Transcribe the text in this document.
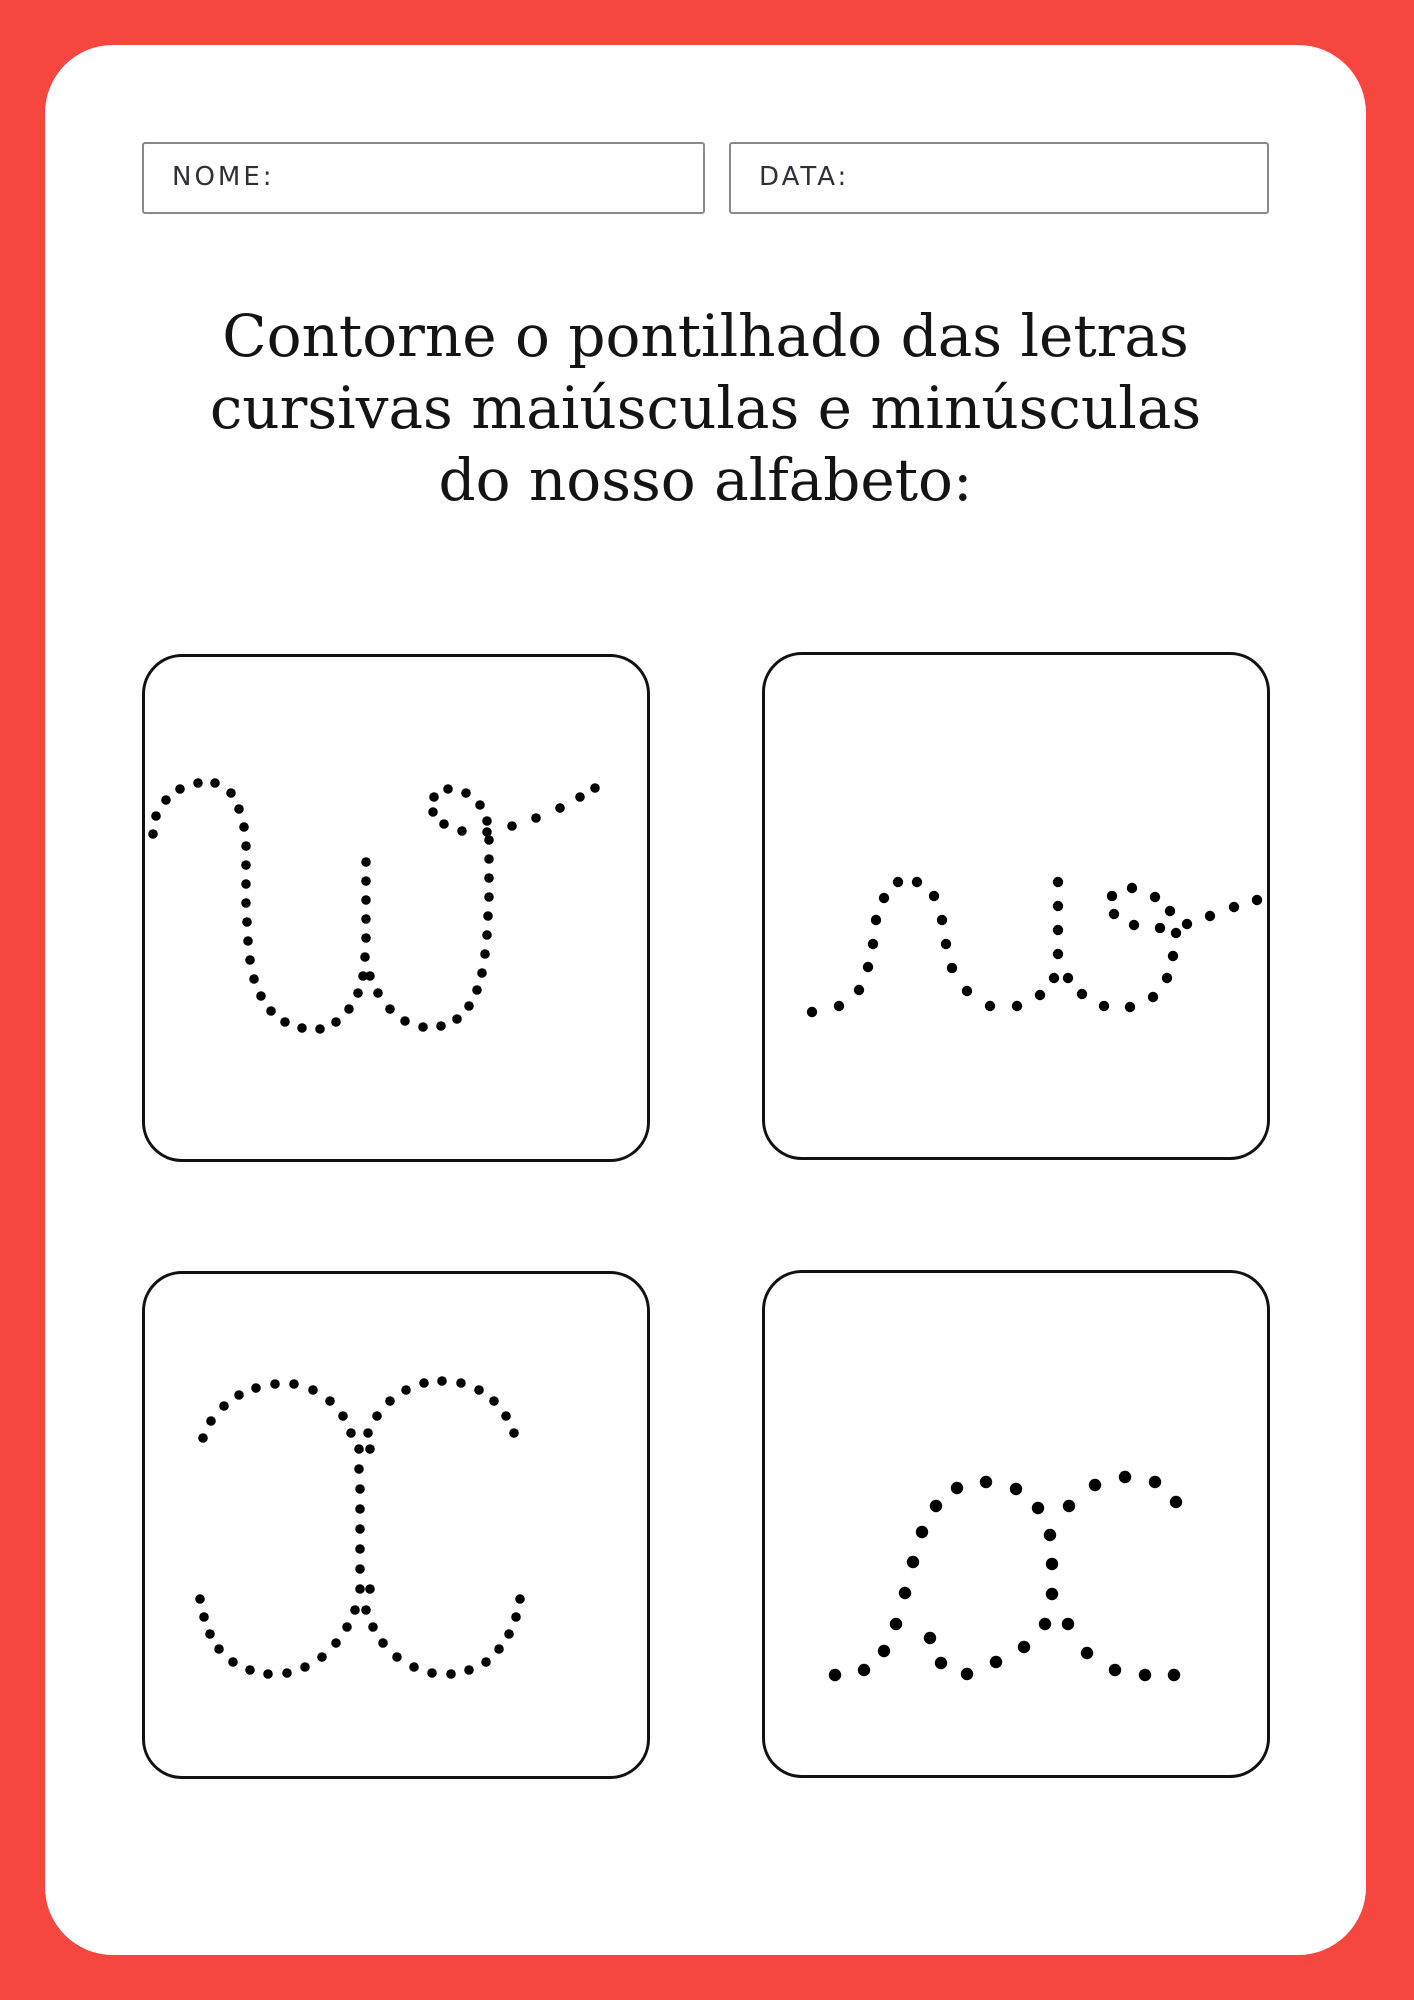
NOME:	DATA:
Contorne o pontilhado das letras
cursivas maiúsculas e minúsculas
do nosso alfabeto:
